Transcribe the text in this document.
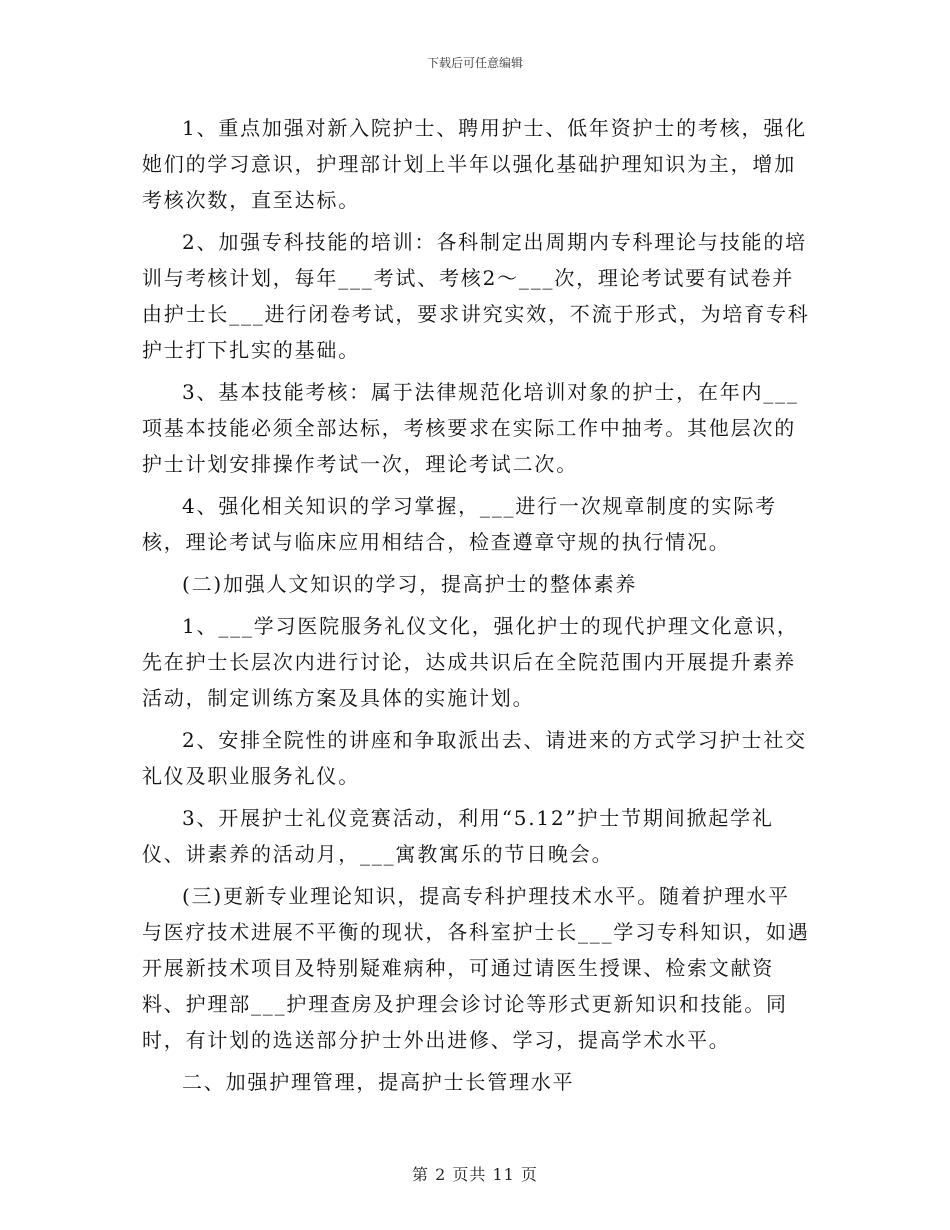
下载后可任意编辑

1、重点加强对新入院护士、聘用护士、低年资护士的考核，强化她们的学习意识，护理部计划上半年以强化基础护理知识为主，增加考核次数，直至达标。

2、加强专科技能的培训：各科制定出周期内专科理论与技能的培训与考核计划，每年___考试、考核2～___次，理论考试要有试卷并由护士长___进行闭卷考试，要求讲究实效，不流于形式，为培育专科护士打下扎实的基础。

3、基本技能考核：属于法律规范化培训对象的护士，在年内___项基本技能必须全部达标，考核要求在实际工作中抽考。其他层次的护士计划安排操作考试一次，理论考试二次。

4、强化相关知识的学习掌握，___进行一次规章制度的实际考核，理论考试与临床应用相结合，检查遵章守规的执行情况。

(二)加强人文知识的学习，提高护士的整体素养

1、___学习医院服务礼仪文化，强化护士的现代护理文化意识，先在护士长层次内进行讨论，达成共识后在全院范围内开展提升素养活动，制定训练方案及具体的实施计划。

2、安排全院性的讲座和争取派出去、请进来的方式学习护士社交礼仪及职业服务礼仪。

3、开展护士礼仪竞赛活动，利用“5.12”护士节期间掀起学礼仪、讲素养的活动月，___寓教寓乐的节日晚会。

(三)更新专业理论知识，提高专科护理技术水平。随着护理水平与医疗技术进展不平衡的现状，各科室护士长___学习专科知识，如遇开展新技术项目及特别疑难病种，可通过请医生授课、检索文献资料、护理部___护理查房及护理会诊讨论等形式更新知识和技能。同时，有计划的选送部分护士外出进修、学习，提高学术水平。

二、加强护理管理，提高护士长管理水平

第 2 页共 11 页
